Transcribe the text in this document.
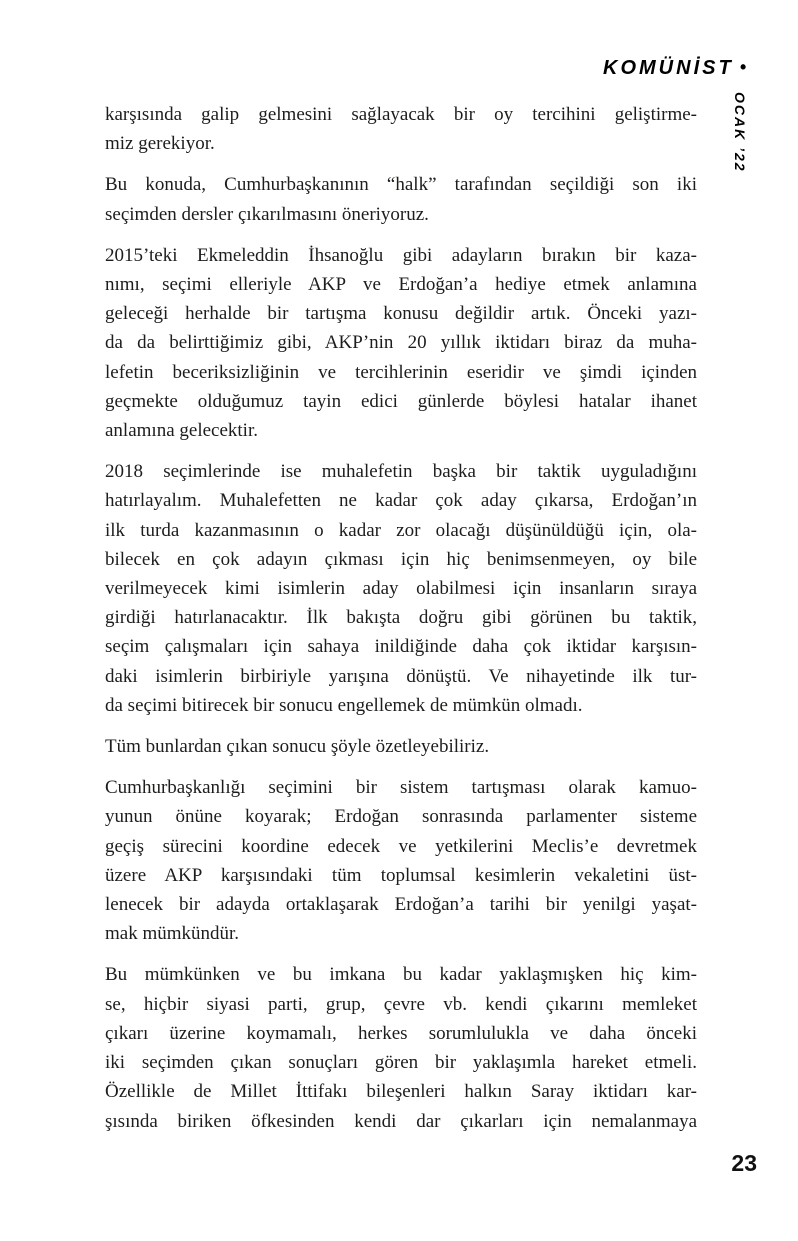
KOMÜNİST •
OCAK ’22
karşısında galip gelmesini sağlayacak bir oy tercihini geliştirme-
miz gerekiyor.
Bu konuda, Cumhurbaşkanının “halk” tarafından seçildiği son iki
seçimden dersler çıkarılmasını öneriyoruz.
2015’teki Ekmeleddin İhsanoğlu gibi adayların bırakın bir kaza-
nımı, seçimi elleriyle AKP ve Erdoğan’a hediye etmek anlamına
geleceği herhalde bir tartışma konusu değildir artık. Önceki yazı-
da da belirttiğimiz gibi, AKP’nin 20 yıllık iktidarı biraz da muha-
lefetin beceriksizliğinin ve tercihlerinin eseridir ve şimdi içinden
geçmekte olduğumuz tayin edici günlerde böylesi hatalar ihanet
anlamına gelecektir.
2018 seçimlerinde ise muhalefetin başka bir taktik uyguladığını
hatırlayalım. Muhalefetten ne kadar çok aday çıkarsa, Erdoğan’ın
ilk turda kazanmasının o kadar zor olacağı düşünüldüğü için, ola-
bilecek en çok adayın çıkması için hiç benimsenmeyen, oy bile
verilmeyecek kimi isimlerin aday olabilmesi için insanların sıraya
girdiği hatırlanacaktır. İlk bakışta doğru gibi görünen bu taktik,
seçim çalışmaları için sahaya inildiğinde daha çok iktidar karşısın-
daki isimlerin birbiriyle yarışına dönüştü. Ve nihayetinde ilk tur-
da seçimi bitirecek bir sonucu engellemek de mümkün olmadı.
Tüm bunlardan çıkan sonucu şöyle özetleyebiliriz.
Cumhurbaşkanlığı seçimini bir sistem tartışması olarak kamuo-
yunun önüne koyarak; Erdoğan sonrasında parlamenter sisteme
geçiş sürecini koordine edecek ve yetkilerini Meclis’e devretmek
üzere AKP karşısındaki tüm toplumsal kesimlerin vekaletini üst-
lenecek bir adayda ortaklaşarak Erdoğan’a tarihi bir yenilgi yaşat-
mak mümkündür.
Bu mümkünken ve bu imkana bu kadar yaklaşmışken hiç kim-
se, hiçbir siyasi parti, grup, çevre vb. kendi çıkarını memleket
çıkarı üzerine koymamalı, herkes sorumlulukla ve daha önceki
iki seçimden çıkan sonuçları gören bir yaklaşımla hareket etmeli.
Özellikle de Millet İttifakı bileşenleri halkın Saray iktidarı kar-
şısında biriken öfkesinden kendi dar çıkarları için nemalanmaya
23
